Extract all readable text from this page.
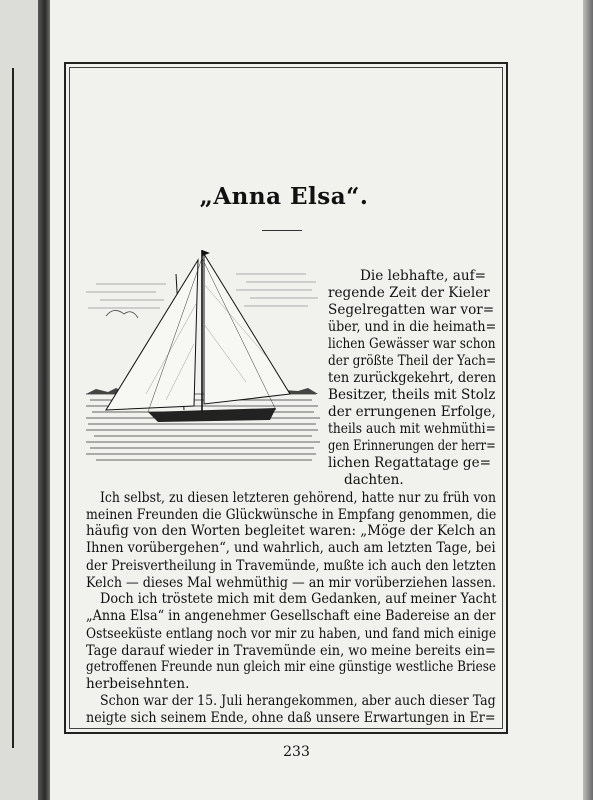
„Anna Elsa“.
Die lebhafte, auf=
regende Zeit der Kieler
Segelregatten war vor=
über, und in die heimath=
lichen Gewässer war schon
der größte Theil der Yach=
ten zurückgekehrt, deren
Besitzer, theils mit Stolz
der errungenen Erfolge,
theils auch mit wehmüthi=
gen Erinnerungen der herr=
lichen Regattatage ge=
dachten.
Ich selbst, zu diesen letzteren gehörend, hatte nur zu früh von
meinen Freunden die Glückwünsche in Empfang genommen, die
häufig von den Worten begleitet waren: „Möge der Kelch an
Ihnen vorübergehen“, und wahrlich, auch am letzten Tage, bei
der Preisvertheilung in Travemünde, mußte ich auch den letzten
Kelch — dieses Mal wehmüthig — an mir vorüberziehen lassen.
Doch ich tröstete mich mit dem Gedanken, auf meiner Yacht
„Anna Elsa“ in angenehmer Gesellschaft eine Badereise an der
Ostseeküste entlang noch vor mir zu haben, und fand mich einige
Tage darauf wieder in Travemünde ein, wo meine bereits ein=
getroffenen Freunde nun gleich mir eine günstige westliche Briese
herbeisehnten.
Schon war der 15. Juli herangekommen, aber auch dieser Tag
neigte sich seinem Ende, ohne daß unsere Erwartungen in Er=
233
